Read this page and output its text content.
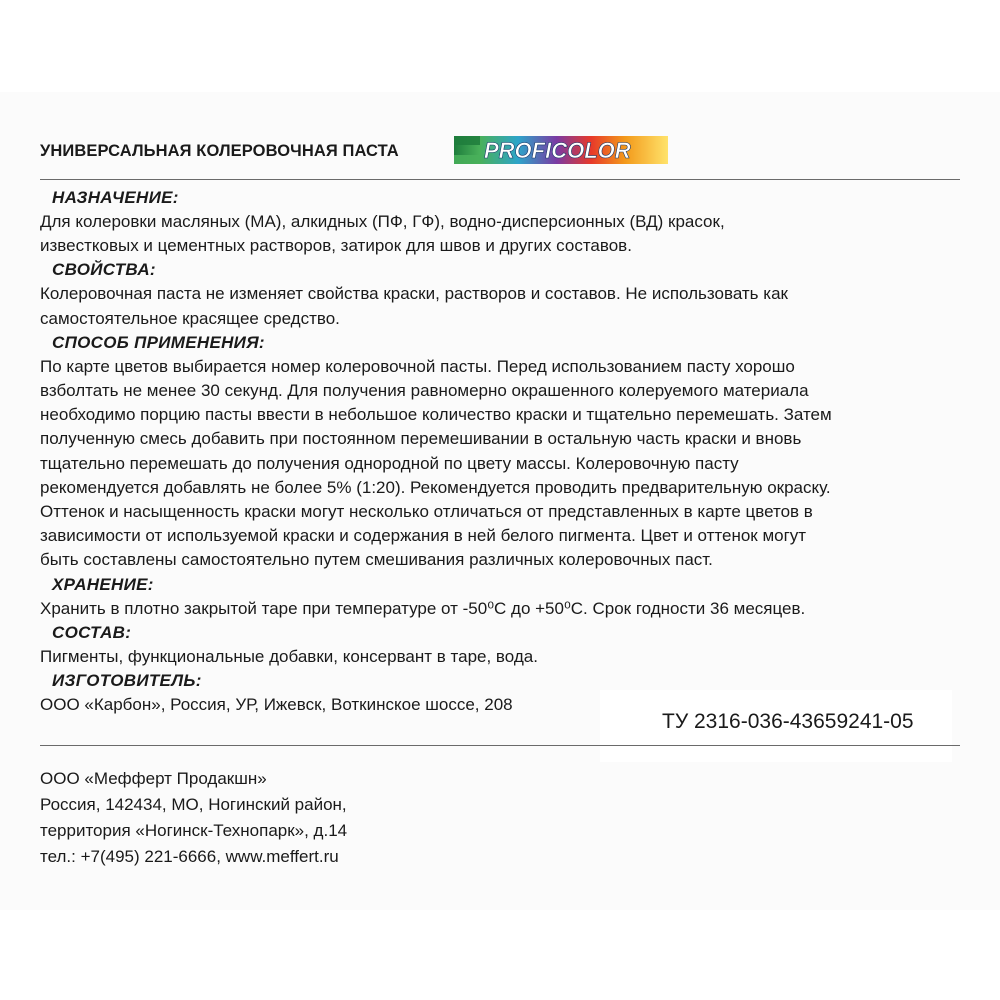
УНИВЕРСАЛЬНАЯ КОЛЕРОВОЧНАЯ ПАСТА	PROFICOLOR
НАЗНАЧЕНИЕ:
Для колеровки масляных (МА), алкидных (ПФ, ГФ), водно-дисперсионных (ВД) красок,
известковых и цементных растворов, затирок для швов и других составов.
СВОЙСТВА:
Колеровочная паста не изменяет свойства краски, растворов и составов. Не использовать как
самостоятельное красящее средство.
СПОСОБ ПРИМЕНЕНИЯ:
По карте цветов выбирается номер колеровочной пасты. Перед использованием пасту хорошо
взболтать не менее 30 секунд. Для получения равномерно окрашенного колеруемого материала
необходимо порцию пасты ввести в небольшое количество краски и тщательно перемешать. Затем
полученную смесь добавить при постоянном перемешивании в остальную часть краски и вновь
тщательно перемешать до получения однородной по цвету массы. Колеровочную пасту
рекомендуется добавлять не более 5% (1:20). Рекомендуется проводить предварительную окраску.
Оттенок и насыщенность краски могут несколько отличаться от представленных в карте цветов в
зависимости от используемой краски и содержания в ней белого пигмента. Цвет и оттенок могут
быть составлены самостоятельно путем смешивания различных колеровочных паст.
ХРАНЕНИЕ:
Хранить в плотно закрытой таре при температуре от -50⁰С до +50⁰С. Срок годности 36 месяцев.
СОСТАВ:
Пигменты, функциональные добавки, консервант в таре, вода.
ИЗГОТОВИТЕЛЬ:
ООО «Карбон», Россия, УР, Ижевск, Воткинское шоссе, 208
ТУ 2316-036-43659241-05
ООО «Мефферт Продакшн»
Россия, 142434, МО, Ногинский район,
территория «Ногинск-Технопарк», д.14
тел.: +7(495) 221-6666, www.meffert.ru
